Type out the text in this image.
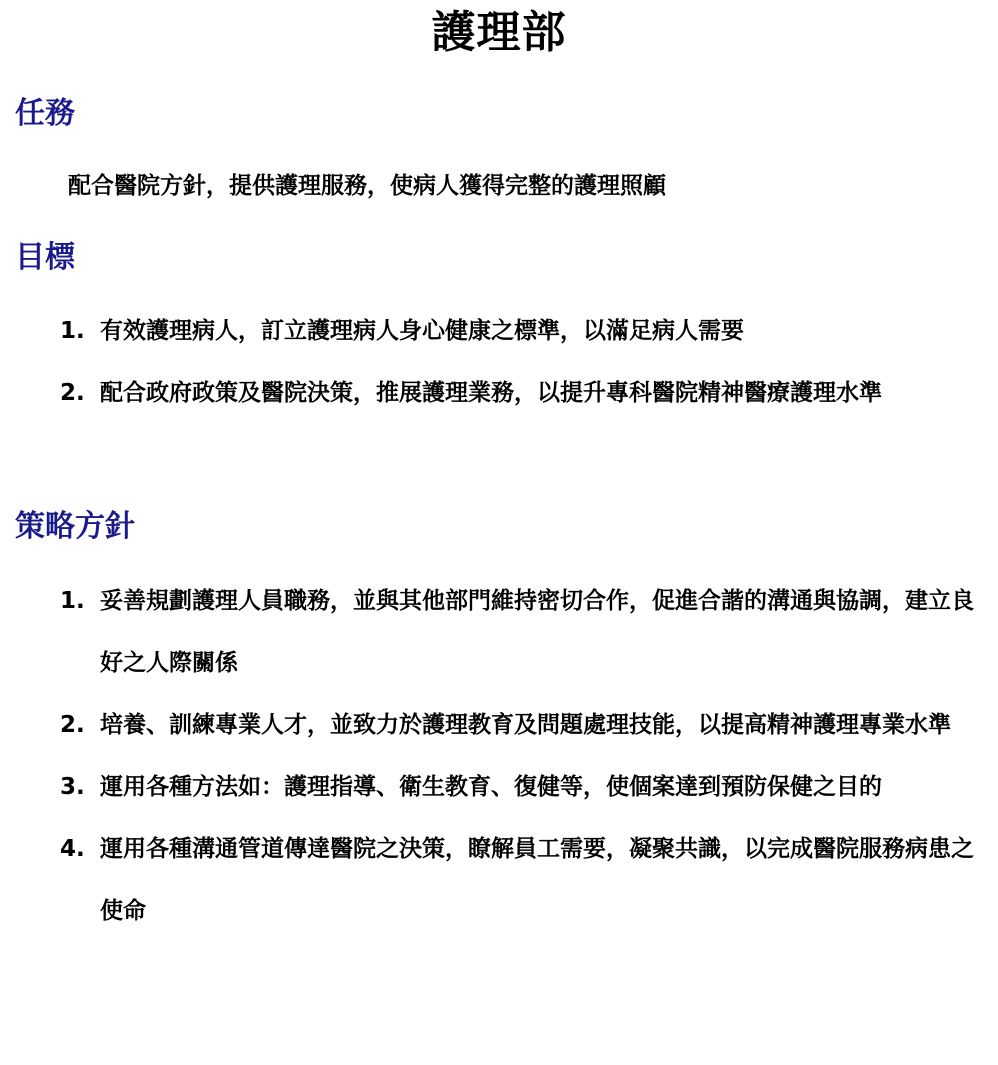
護理部
任務
配合醫院方針，提供護理服務，使病人獲得完整的護理照顧
目標
1. 有效護理病人，訂立護理病人身心健康之標準，以滿足病人需要
2. 配合政府政策及醫院決策，推展護理業務，以提升專科醫院精神醫療護理水準
策略方針
1. 妥善規劃護理人員職務，並與其他部門維持密切合作，促進合諧的溝通與協調，建立良好之人際關係
2. 培養、訓練專業人才，並致力於護理教育及問題處理技能，以提高精神護理專業水準
3. 運用各種方法如：護理指導、衛生教育、復健等，使個案達到預防保健之目的
4. 運用各種溝通管道傳達醫院之決策，瞭解員工需要，凝聚共識，以完成醫院服務病患之使命
